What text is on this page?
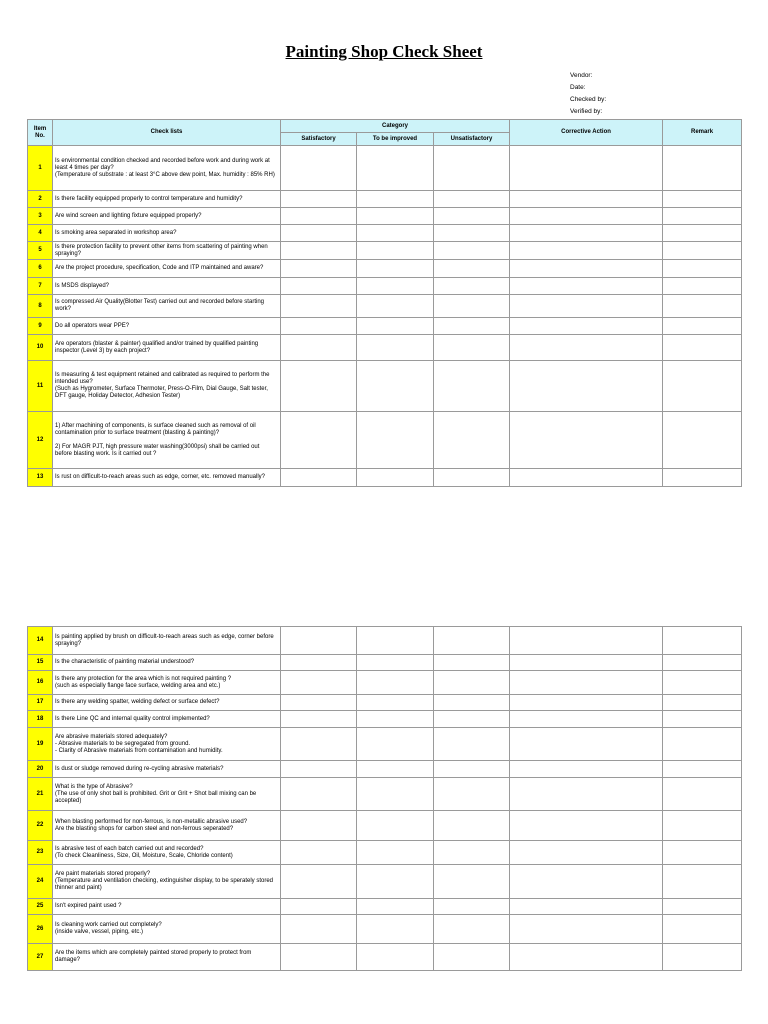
Painting Shop Check Sheet
Vendor:
Date:
Checked by:
Verified by:
Item No.	Check lists	Category			Corrective Action	Remark
		Satisfactory	To be improved	Unsatisfactory		
1	Is environmental condition checked and recorded before work and during work at least 4 times per day?
(Temperature of substrate : at least 3°C above dew point, Max. humidity : 85% RH)					
2	Is there facility equipped properly to control temperature and humidity?					
3	Are wind screen and lighting fixture equipped properly?					
4	Is smoking area separated in workshop area?					
5	Is there protection facility to prevent other items from scattering of painting when spraying?					
6	Are the project procedure, specification, Code and ITP maintained and aware?					
7	Is MSDS displayed?					
8	Is compressed Air Quality(Blotter Test) carried out and recorded before starting work?					
9	Do all operators wear PPE?					
10	Are operators (blaster & painter) qualified and/or trained by qualified painting inspector (Level 3) by each project?					
11	Is measuring & test equipment retained and calibrated as required to perform the intended use?
(Such as Hygrometer, Surface Thermoter, Press-O-Film, Dial Gauge, Salt tester, DFT gauge, Holiday Detector, Adhesion Tester)					
12	1) After machining of components, is surface cleaned such as removal of oil contamination prior to surface treatment (blasting & painting)?

2) For MAGR PJT, high pressure water washing(3000psi) shall be carried out before blasting work. Is it carried out ?					
13	Is rust on difficult-to-reach areas such as edge, corner, etc. removed manually?					
14	Is painting applied by brush on difficult-to-reach areas such as edge, corner before spraying?					
15	Is the characteristic of painting material understood?					
16	Is there any protection for the area which is not required painting ?
(such as especially flange face surface, welding area and etc.)					
17	Is there any welding spatter, welding defect or surface defect?					
18	Is there Line QC and internal quality control implemented?					
19	Are abrasive materials stored adequately?
- Abrasive materials to be segregated from ground.
- Clarity of Abrasive materials from contamination and humidity.					
20	Is dust or sludge removed during re-cycling abrasive materials?					
21	What is the type of Abrasive?
(The use of only shot ball is prohibited. Grit or Grit + Shot ball mixing can be accepted)					
22	When blasting performed for non-ferrous, is non-metallic abrasive used?
Are the blasting shops for carbon steel and non-ferrous seperated?					
23	Is abrasive test of each batch carried out and recorded?
(To check Cleanliness, Size, Oil, Moisture, Scale, Chloride content)					
24	Are paint materials stored properly?
(Temperature and ventilation checking, extinguisher display, to be sperately stored thinner and paint)					
25	Isn't expired paint used ?					
26	Is cleaning work carried out completely?
(inside valve, vessel, piping, etc.)					
27	Are the items which are completely painted stored properly to protect from damage?					
